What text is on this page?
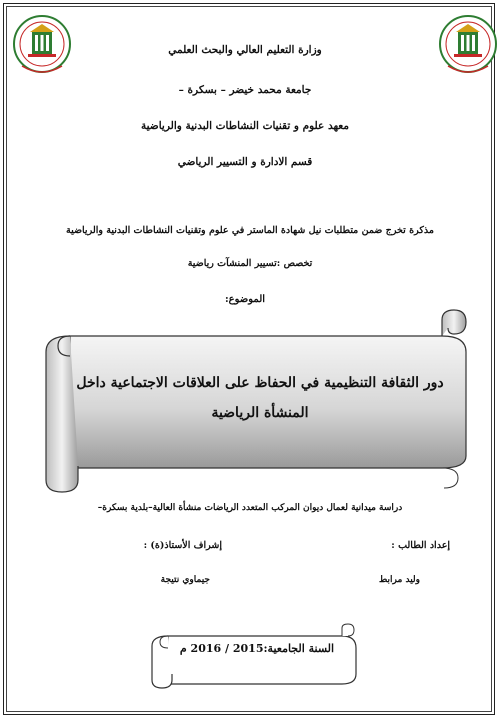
وزارة التعليم العالي والبحث العلمي
جامعة محمد خيضر – بسكرة –
معهد علوم و تقنيات النشاطات البدنية والرياضية
قسم الادارة و التسيير الرياضي
مذكرة تخرج ضمن متطلبات نيل شهادة الماستر في علوم وتقنيات النشاطات البدنية والرياضية
تخصص :تسيير المنشآت رياضية
الموضوع:
دور الثقافة التنظيمية في الحفاظ على العلاقات الاجتماعية داخل
المنشأة الرياضية
دراسة ميدانية لعمال ديوان المركب المتعدد الرياضات منشأة العالية–بلدية بسكرة–
إعداد الطالب :
إشراف الأستاذ(ة) :
وليد مرابط
جيماوي نتيجة
السنة الجامعية:2015 / 2016 م
